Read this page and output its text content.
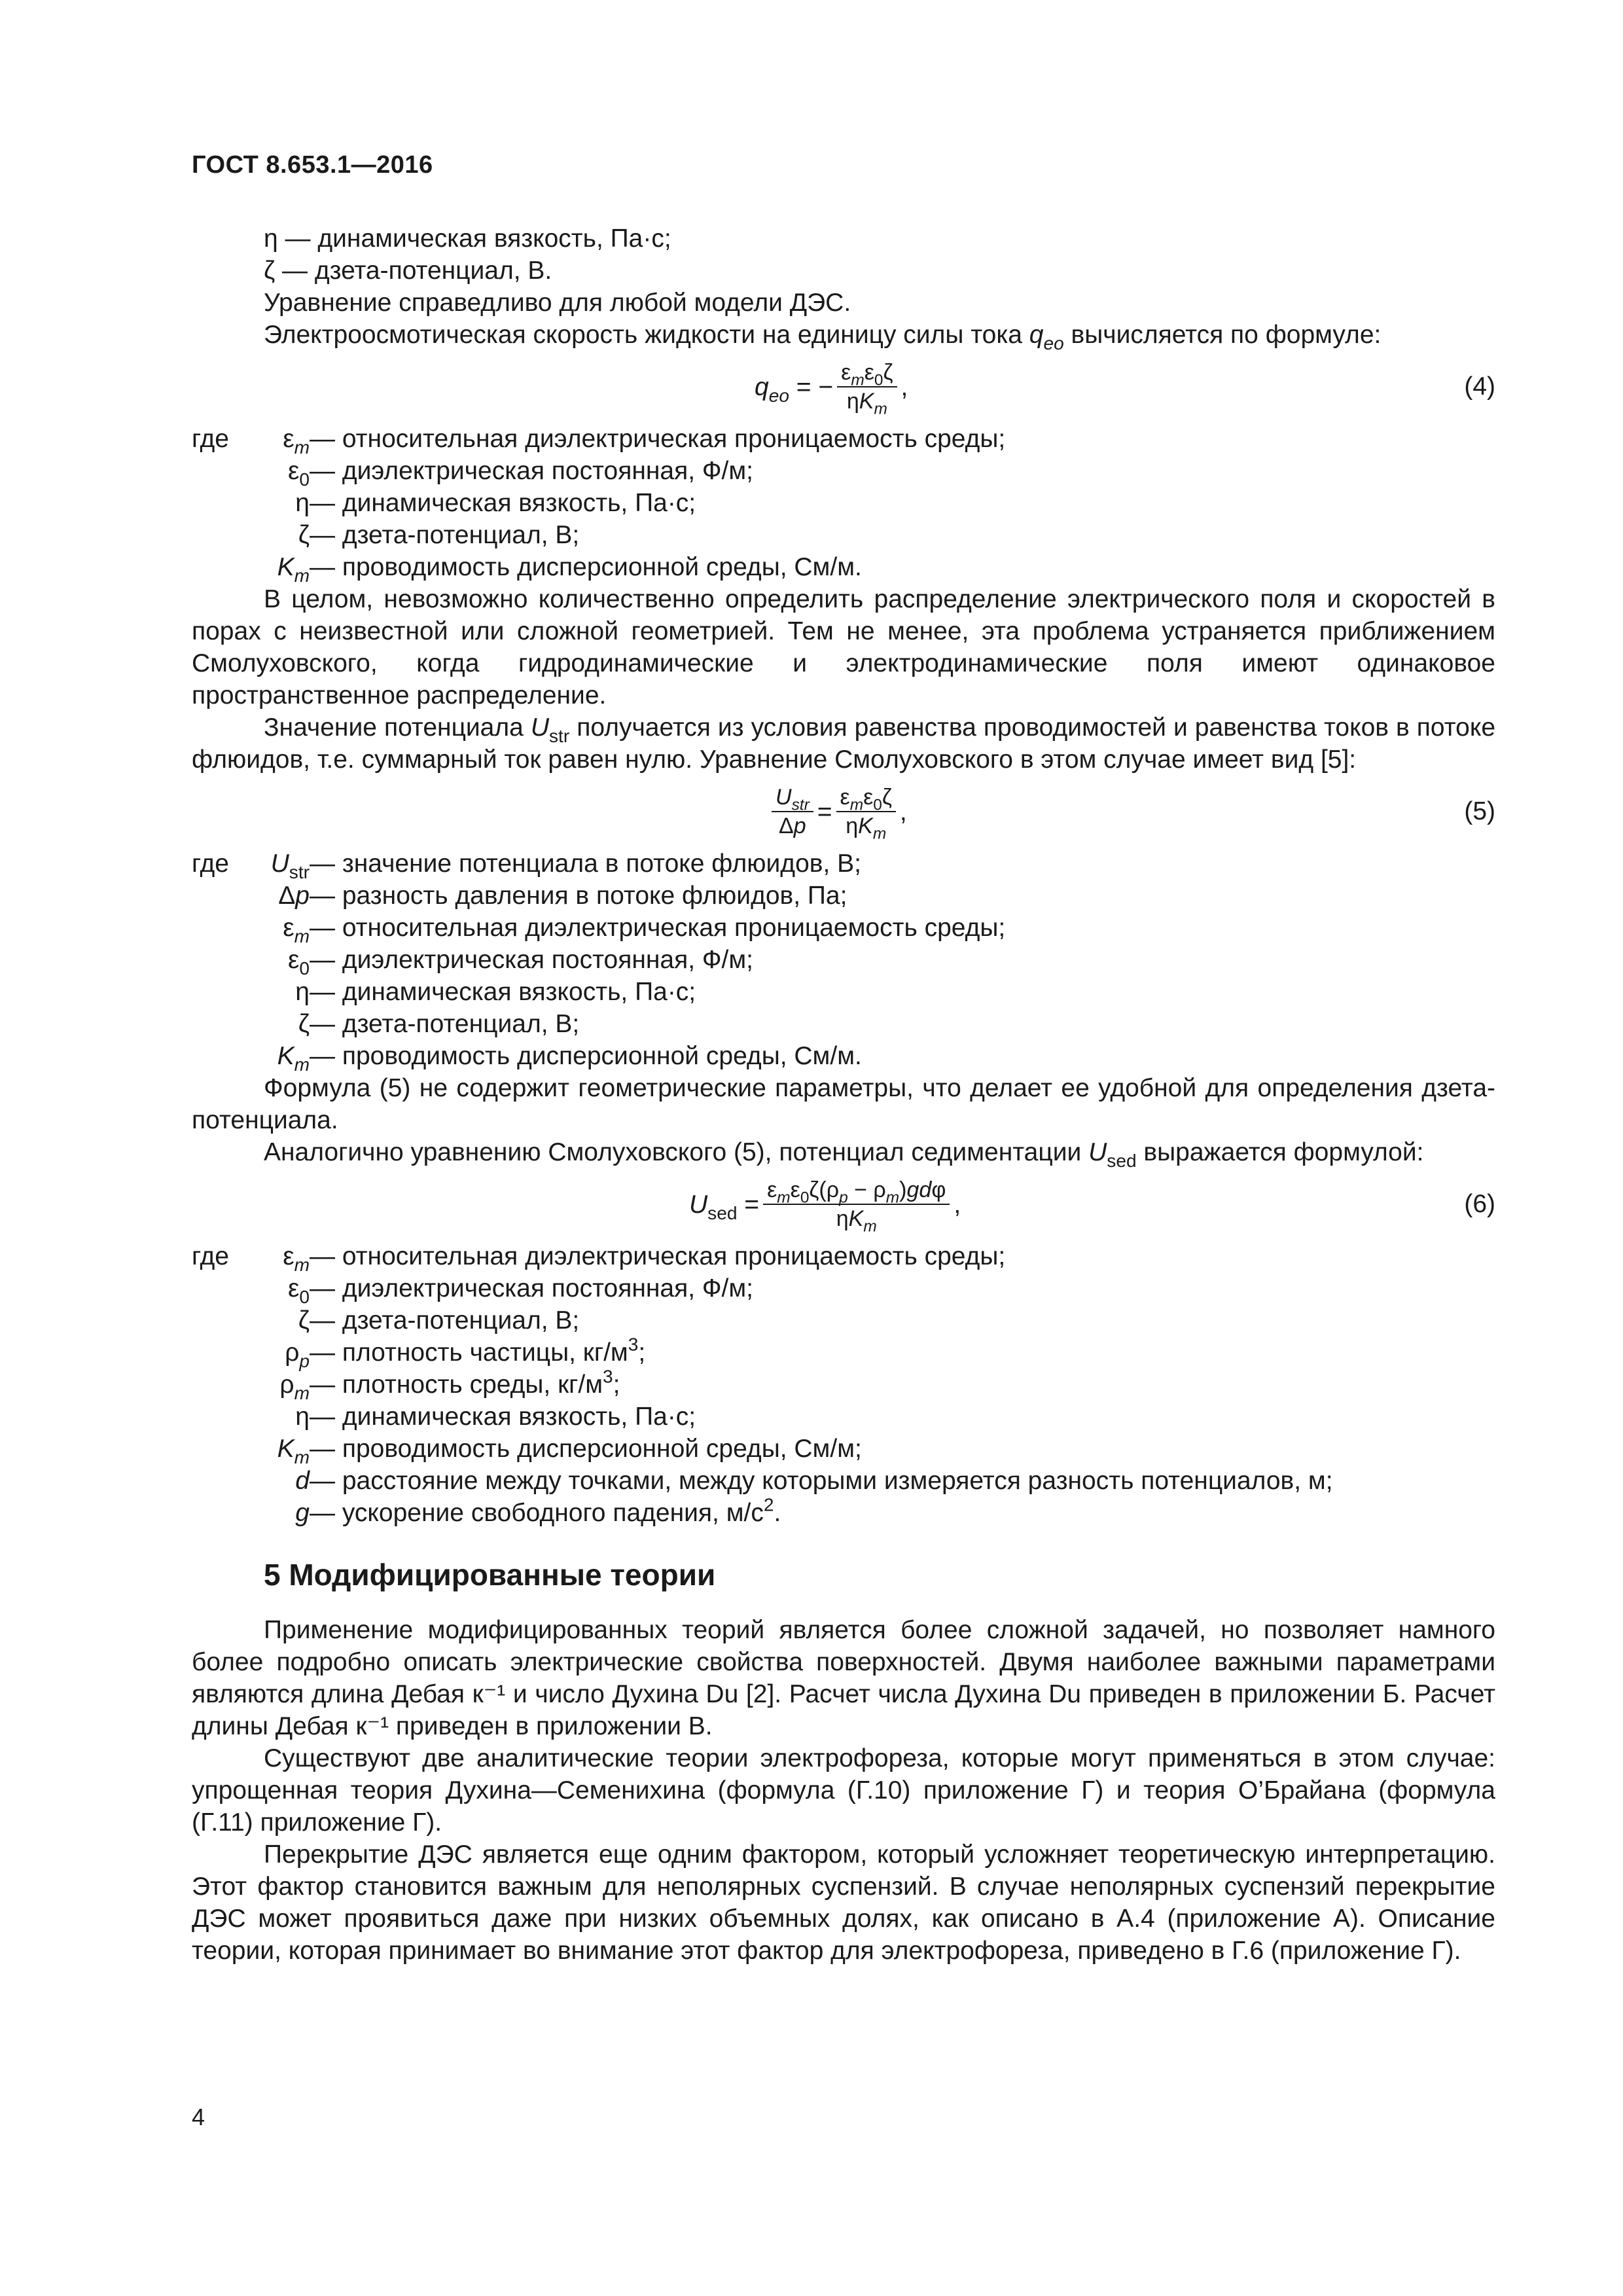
ГОСТ 8.653.1—2016
η — динамическая вязкость, Па·с;
ζ — дзета-потенциал, В.

Уравнение справедливо для любой модели ДЭС.

Электроосмотическая скорость жидкости на единицу силы тока $q_{eo}$ вычисляется по формуле:

$q_{eo}$ = − $\frac{\varepsilon_m\varepsilon_0\zeta}{\eta K_m}$ ,	(4)
где $\varepsilon_m$ — относительная диэлектрическая проницаемость среды;
$\varepsilon_0$ — диэлектрическая постоянная, Ф/м;
η — динамическая вязкость, Па·с;
ζ — дзета-потенциал, В;
$K_m$ — проводимость дисперсионной среды, См/м.

В целом, невозможно количественно определить распределение электрического поля и скоростей в порах с неизвестной или сложной геометрией. Тем не менее, эта проблема устраняется приближением Смолуховского, когда гидродинамические и электродинамические поля имеют одинаковое пространственное распределение.

Значение потенциала $U_{str}$ получается из условия равенства проводимостей и равенства токов в потоке флюидов, т.е. суммарный ток равен нулю. Уравнение Смолуховского в этом случае имеет вид [5]:

$\frac{U_{str}}{\Delta p} = \frac{\varepsilon_m\varepsilon_0\zeta}{\eta K_m}$ ,	(5)
где $U_{str}$ — значение потенциала в потоке флюидов, В;
Δp — разность давления в потоке флюидов, Па;
$\varepsilon_m$ — относительная диэлектрическая проницаемость среды;
$\varepsilon_0$ — диэлектрическая постоянная, Ф/м;
η — динамическая вязкость, Па·с;
ζ — дзета-потенциал, В;
$K_m$ — проводимость дисперсионной среды, См/м.

Формула (5) не содержит геометрические параметры, что делает ее удобной для определения дзета-потенциала.

Аналогично уравнению Смолуховского (5), потенциал седиментации $U_{sed}$ выражается формулой:

$U_{sed} = \frac{\varepsilon_m\varepsilon_0\zeta(\rho_p - \rho_m)gd\varphi}{\eta K_m}$ ,	(6)
где $\varepsilon_m$ — относительная диэлектрическая проницаемость среды;
$\varepsilon_0$ — диэлектрическая постоянная, Ф/м;
ζ — дзета-потенциал, В;
$\rho_p$ — плотность частицы, $кг/м^3$;
$\rho_m$ — плотность среды, $кг/м^3$;
η — динамическая вязкость, Па·с;
$K_m$ — проводимость дисперсионной среды, См/м;
d — расстояние между точками, между которыми измеряется разность потенциалов, м;
g — ускорение свободного падения, $м/с^2$.
5 Модифицированные теории

Применение модифицированных теорий является более сложной задачей, но позволяет намного более подробно описать электрические свойства поверхностей. Двумя наиболее важными параметрами являются длина Дебая к⁻¹ и число Духина Du [2]. Расчет числа Духина Du приведен в приложении Б. Расчет длины Дебая к⁻¹ приведен в приложении В.

Существуют две аналитические теории электрофореза, которые могут применяться в этом случае: упрощенная теория Духина—Семенихина (формула (Г.10) приложение Г) и теория О’Брайана (формула (Г.11) приложение Г).

Перекрытие ДЭС является еще одним фактором, который усложняет теоретическую интерпретацию. Этот фактор становится важным для неполярных суспензий. В случае неполярных суспензий перекрытие ДЭС может проявиться даже при низких объемных долях, как описано в А.4 (приложение А). Описание теории, которая принимает во внимание этот фактор для электрофореза, приведено в Г.6 (приложение Г).

4
